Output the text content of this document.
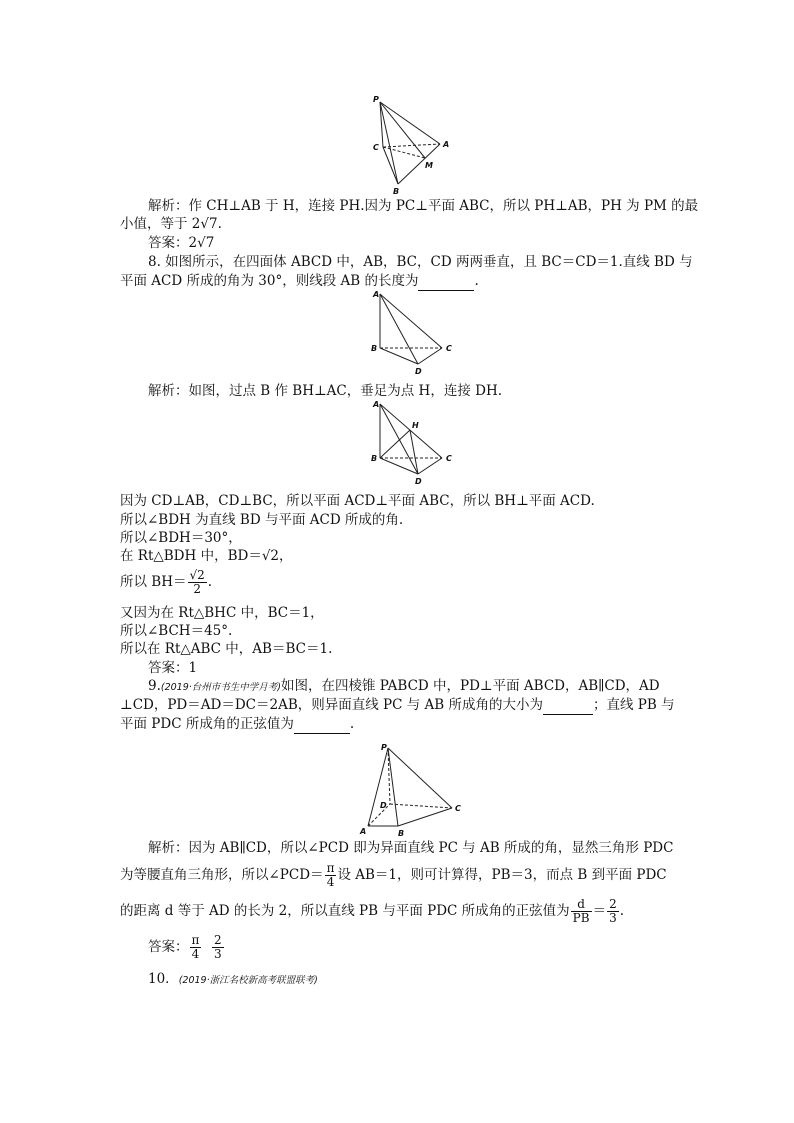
P
C	A
M
B
解析：作 CH⊥AB 于 H，连接 PH.因为 PC⊥平面 ABC，所以 PH⊥AB，PH 为 PM 的最
小值，等于 2√7.
答案：2√7
8. 如图所示，在四面体 ABCD 中，AB，BC，CD 两两垂直，且 BC＝CD＝1.直线 BD 与
平面 ACD 所成的角为 30°，则线段 AB 的长度为	.
A
B	C
D
解析：如图，过点 B 作 BH⊥AC，垂足为点 H，连接 DH.
A
H
B	C
D
因为 CD⊥AB，CD⊥BC，所以平面 ACD⊥平面 ABC，所以 BH⊥平面 ACD.
所以∠BDH 为直线 BD 与平面 ACD 所成的角.
所以∠BDH＝30°，
在 Rt△BDH 中，BD＝√2，
所以 $BH= \frac{√2}{2}$ .
又因为在 Rt△BHC 中，BC＝1，
所以∠BCH＝45°.
所以在 Rt△ABC 中，AB＝BC＝1.
答案：1
9.(2019·台州市书生中学月考)如图，在四棱锥 PABCD 中，PD⊥平面 ABCD，AB∥CD，AD
⊥CD，PD＝AD＝DC＝2AB，则异面直线 PC 与 AB 所成角的大小为	；直线 PB 与
平面 PDC 所成角的正弦值为	.
P
D	C
A	B
解析：因为 AB∥CD，所以∠PCD 即为异面直线 PC 与 AB 所成的角，显然三角形 PDC
为等腰直角三角形，所以∠PCD＝ $\frac{\pi}{4}$ 设 AB＝1，则可计算得，PB＝3，而点 B 到平面 PDC
的距离 d 等于 AD 的长为 2，所以直线 PB 与平面 PDC 所成角的正弦值为 $\frac{d}{PB} = \frac{2}{3}$ .
答案： $\frac{\pi}{4}$
$\frac{2}{3}$
10．(2019·浙江名校新高考联盟联考)
